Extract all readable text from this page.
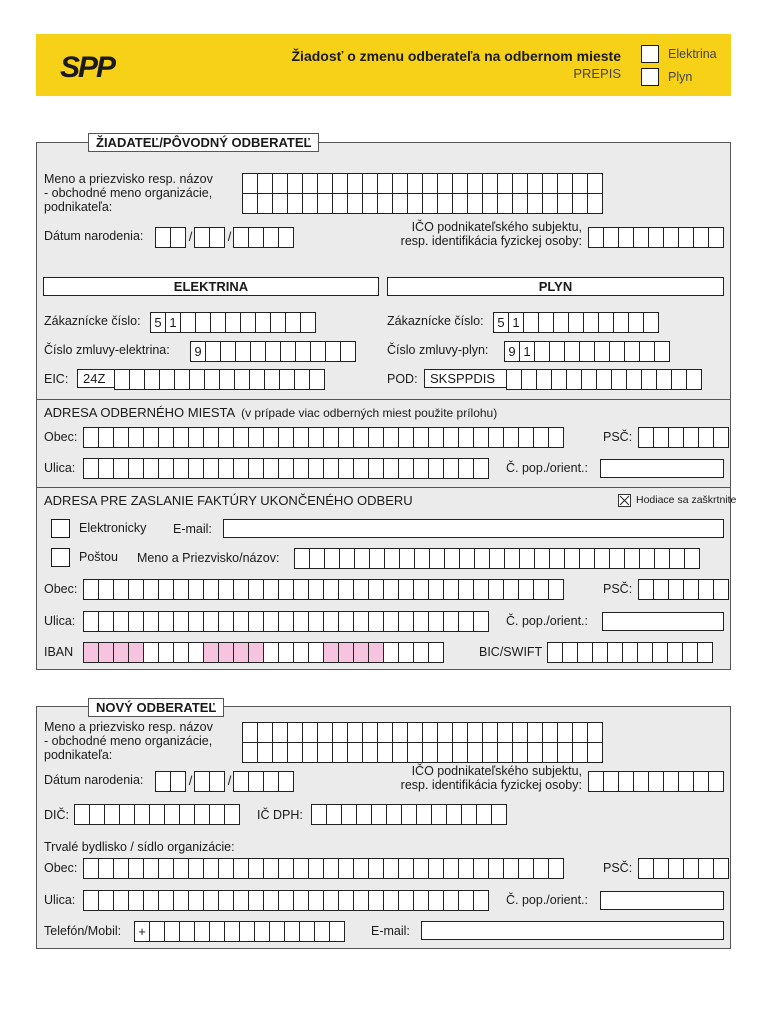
SPP	Žiadosť o zmenu odberateľa na odbernom mieste
PREPIS
Elektrina
Plyn
ŽIADATEĽ/PÔVODNÝ ODBERATEĽ
Meno a priezvisko resp. názov
- obchodné meno organizácie,
podnikateľa:
Dátum narodenia:	/	/
IČO podnikateľského subjektu,
resp. identifikácia fyzickej osoby:
ELEKTRINA	PLYN
Zákaznícke číslo:	5 1
Číslo zmluvy-elektrina:	9
EIC:	24Z
Zákaznícke číslo:	5 1
Číslo zmluvy-plyn:	9 1
POD: SKSPPDIS
ADRESA ODBERNÉHO MIESTA (v prípade viac odberných miest použite prílohu)
Obec:	PSČ:
Ulica:	Č. pop./orient.:
ADRESA PRE ZASLANIE FAKTÚRY UKONČENÉHO ODBERU	Hodiace sa zaškrtnite
Elektronicky E-mail:
Poštou Meno a Priezvisko/názov:
Obec:	PSČ:
Ulica:	Č. pop./orient.:
IBAN	BIC/SWIFT
NOVÝ ODBERATEĽ
Meno a priezvisko resp. názov
- obchodné meno organizácie,
podnikateľa:
Dátum narodenia:	/	/
IČO podnikateľského subjektu,
resp. identifikácia fyzickej osoby:
DIČ:	IČ DPH:
Trvalé bydlisko / sídlo organizácie:
Obec:	PSČ:
Ulica:	Č. pop./orient.:
Telefón/Mobil:	+	E-mail:
